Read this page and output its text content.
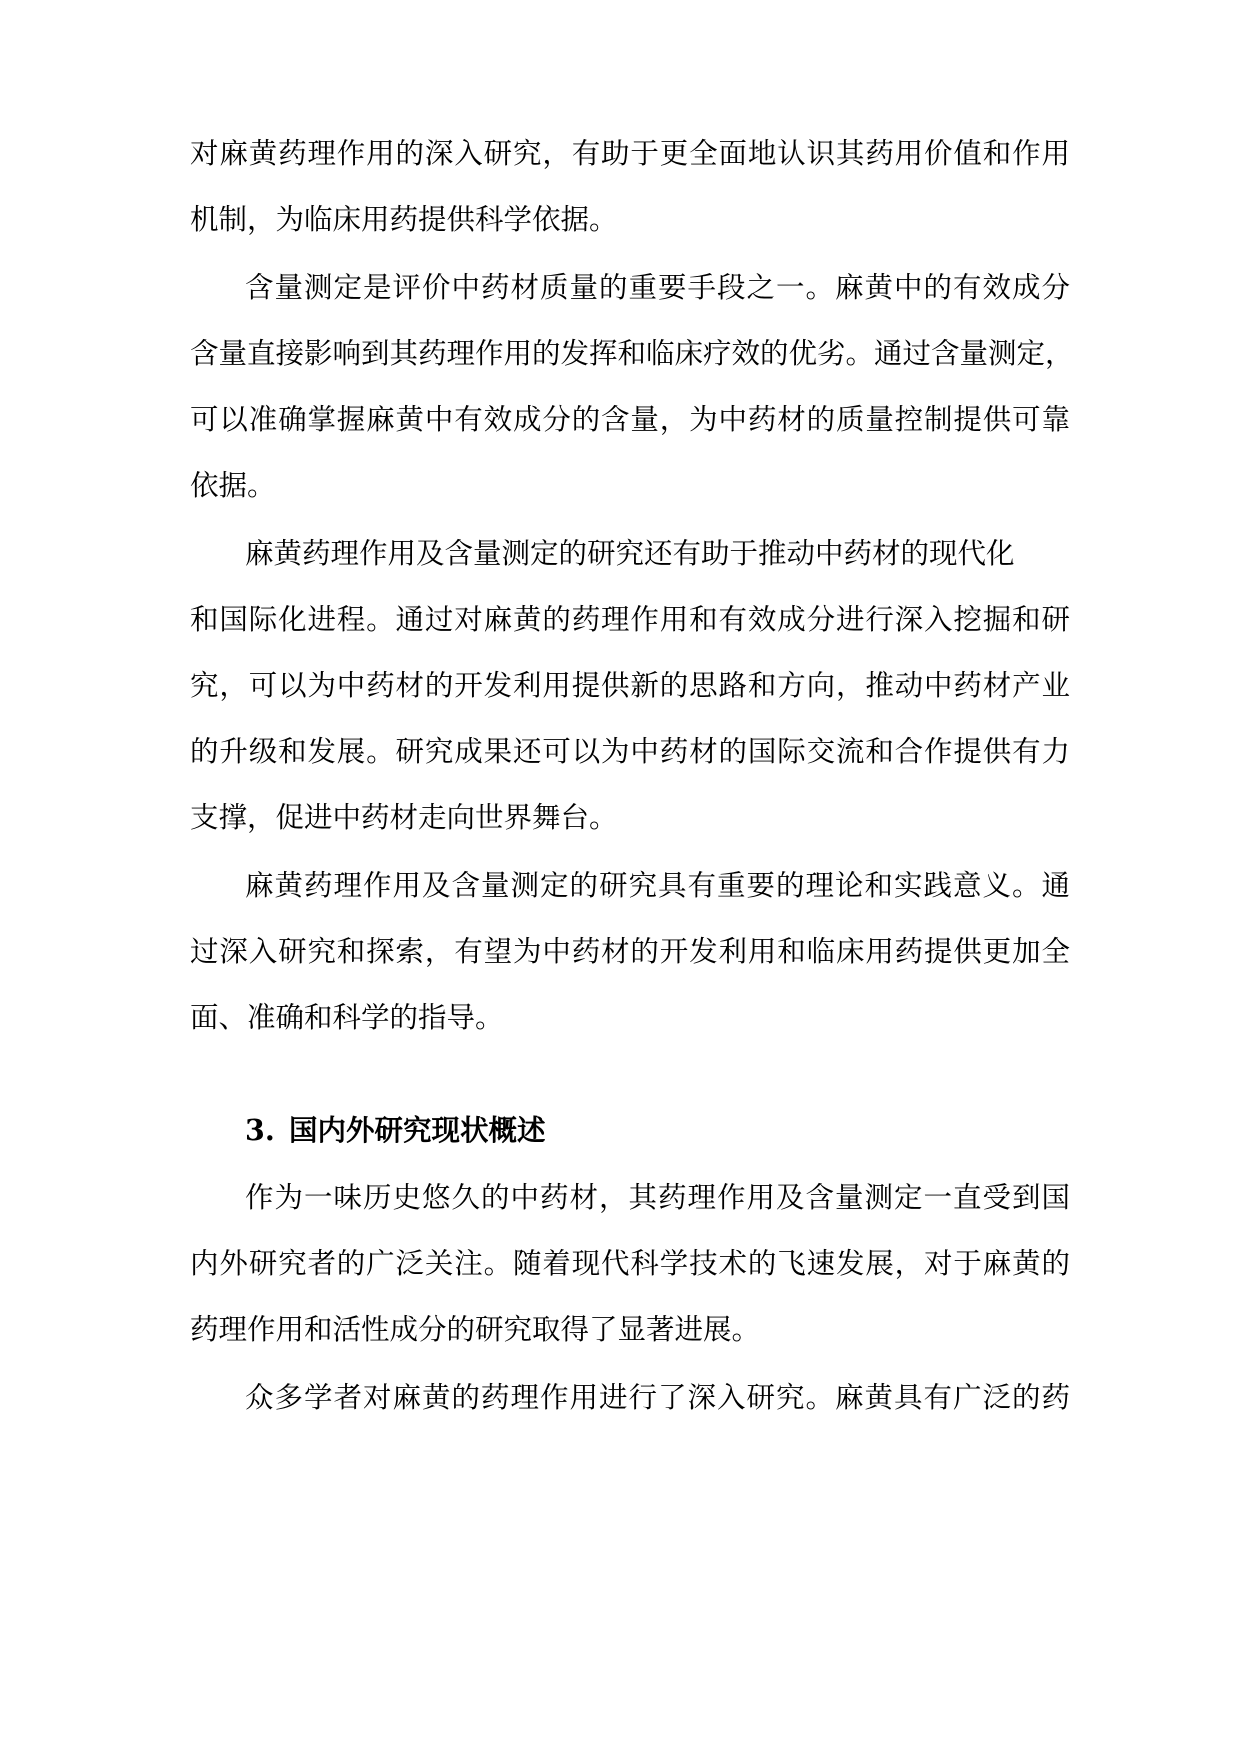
对麻黄药理作用的深入研究，有助于更全面地认识其药用价值和作用
机制，为临床用药提供科学依据。
含量测定是评价中药材质量的重要手段之一。麻黄中的有效成分
含量直接影响到其药理作用的发挥和临床疗效的优劣。通过含量测定，
可以准确掌握麻黄中有效成分的含量，为中药材的质量控制提供可靠
依据。
麻黄药理作用及含量测定的研究还有助于推动中药材的现代化
和国际化进程。通过对麻黄的药理作用和有效成分进行深入挖掘和研
究，可以为中药材的开发利用提供新的思路和方向，推动中药材产业
的升级和发展。研究成果还可以为中药材的国际交流和合作提供有力
支撑，促进中药材走向世界舞台。
麻黄药理作用及含量测定的研究具有重要的理论和实践意义。通
过深入研究和探索，有望为中药材的开发利用和临床用药提供更加全
面、准确和科学的指导。
3. 国内外研究现状概述
作为一味历史悠久的中药材，其药理作用及含量测定一直受到国
内外研究者的广泛关注。随着现代科学技术的飞速发展，对于麻黄的
药理作用和活性成分的研究取得了显著进展。
众多学者对麻黄的药理作用进行了深入研究。麻黄具有广泛的药
